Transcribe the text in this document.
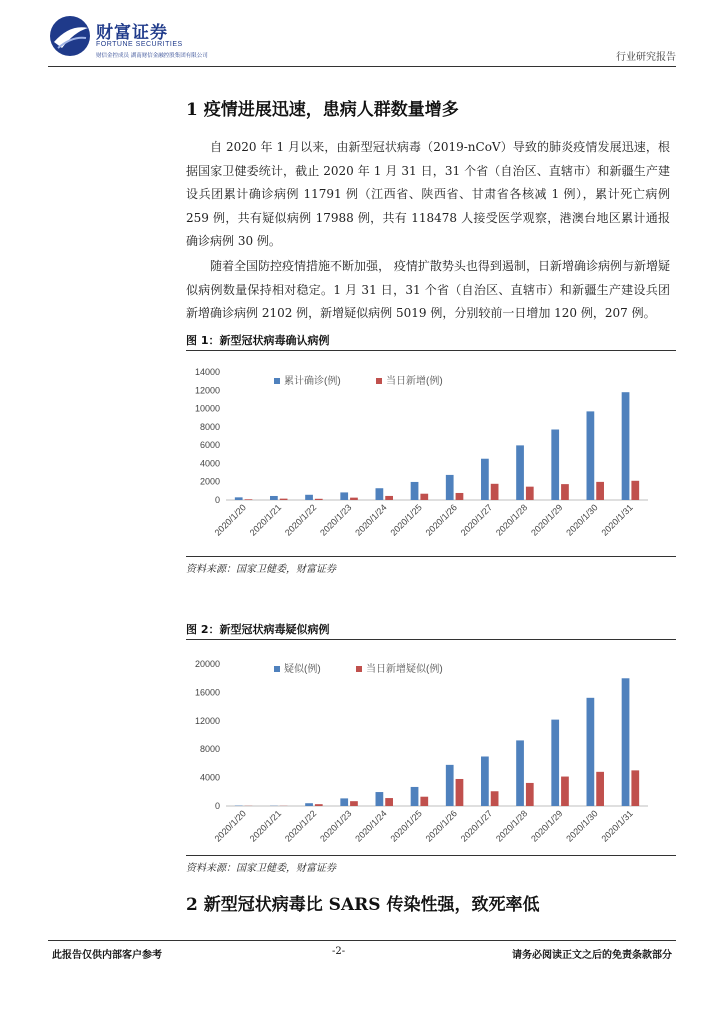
财富证券
FORTUNE SECURITIES
财信金控成员 湖南财信金融控股集团有限公司	行业研究报告
1 疫情进展迅速，患病人群数量增多

自 2020 年 1 月以来，由新型冠状病毒（2019-nCoV）导致的肺炎疫情发展迅速，根据国家卫健委统计，截止 2020 年 1 月 31 日，31 个省（自治区、直辖市）和新疆生产建设兵团累计确诊病例 11791 例（江西省、陕西省、甘肃省各核减 1 例），累计死亡病例 259 例，共有疑似病例 17988 例，共有 118478 人接受医学观察，港澳台地区累计通报确诊病例 30 例。

随着全国防控疫情措施不断加强， 疫情扩散势头也得到遏制，日新增确诊病例与新增疑似病例数量保持相对稳定。1 月 31 日，31 个省（自治区、直辖市）和新疆生产建设兵团新增确诊病例 2102 例，新增疑似病例 5019 例，分别较前一日增加 120 例，207 例。

图 1：新型冠状病毒确认病例
0
2000
4000
6000
8000
10000
12000
14000
2020/1/20 2020/1/21 2020/1/22 2020/1/23 2020/1/24 2020/1/25 2020/1/26 2020/1/27 2020/1/28 2020/1/29 2020/1/30 2020/1/31
累计确诊(例)	当日新增(例)
资料来源：国家卫健委，财富证券
图 2：新型冠状病毒疑似病例
0
4000
8000
12000
16000
20000
2020/1/20 2020/1/21 2020/1/22 2020/1/23 2020/1/24 2020/1/25 2020/1/26 2020/1/27 2020/1/28 2020/1/29 2020/1/30 2020/1/31
疑似(例)	当日新增疑似(例)
资料来源：国家卫健委，财富证券
2 新型冠状病毒比 SARS 传染性强，致死率低
此报告仅供内部客户参考	-2-	请务必阅读正文之后的免责条款部分
